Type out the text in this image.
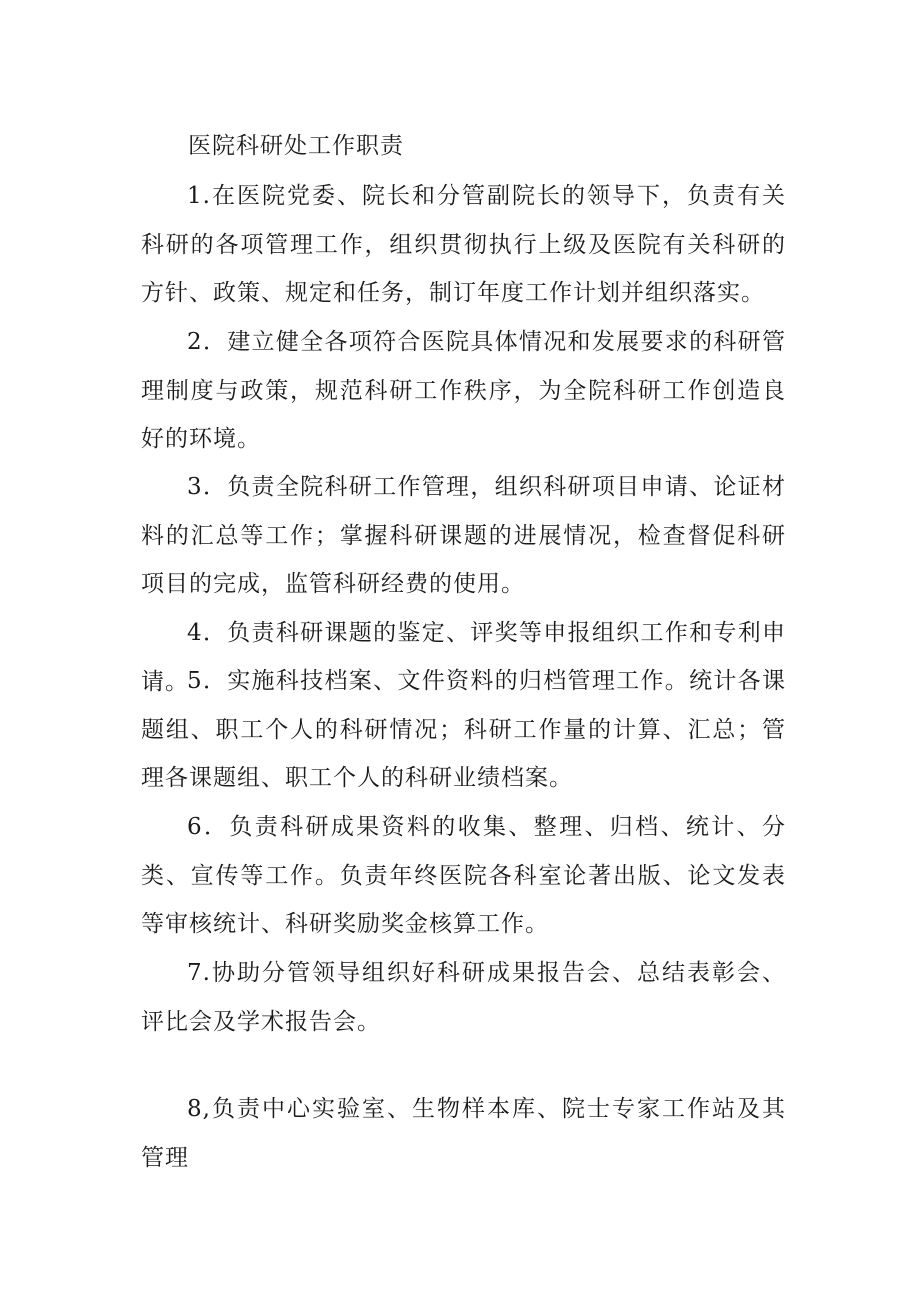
医院科研处工作职责

1.在医院党委、院长和分管副院长的领导下，负责有关科研的各项管理工作，组织贯彻执行上级及医院有关科研的方针、政策、规定和任务，制订年度工作计划并组织落实。

2．建立健全各项符合医院具体情况和发展要求的科研管理制度与政策，规范科研工作秩序，为全院科研工作创造良好的环境。

3．负责全院科研工作管理，组织科研项目申请、论证材料的汇总等工作；掌握科研课题的进展情况，检查督促科研项目的完成，监管科研经费的使用。

4．负责科研课题的鉴定、评奖等申报组织工作和专利申请。

5．实施科技档案、文件资料的归档管理工作。统计各课题组、职工个人的科研情况；科研工作量的计算、汇总；管理各课题组、职工个人的科研业绩档案。

6．负责科研成果资料的收集、整理、归档、统计、分类、宣传等工作。负责年终医院各科室论著出版、论文发表等审核统计、科研奖励奖金核算工作。

7.协助分管领导组织好科研成果报告会、总结表彰会、评比会及学术报告会。

8,负责中心实验室、生物样本库、院士专家工作站及其管理
